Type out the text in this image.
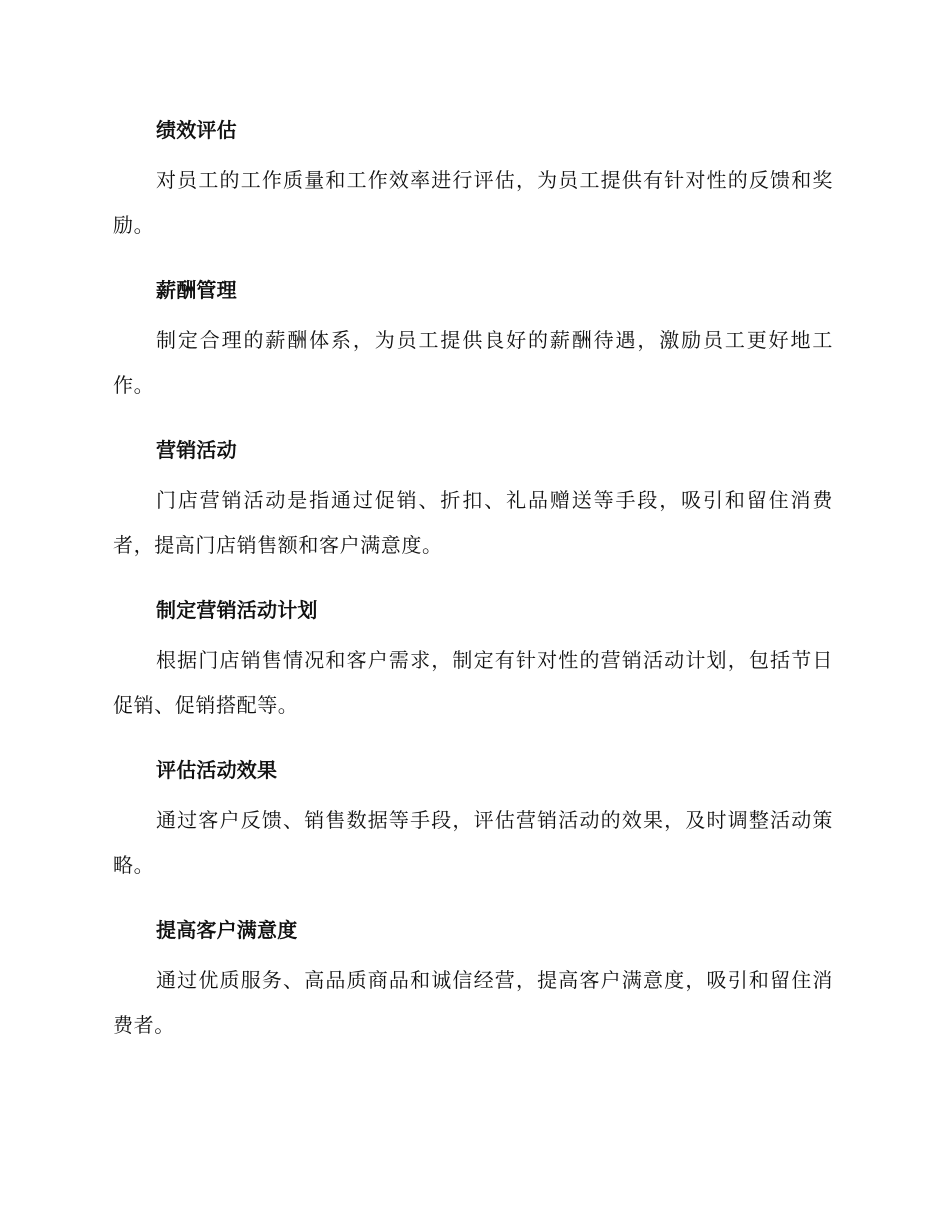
绩效评估

对员工的工作质量和工作效率进行评估，为员工提供有针对性的反馈和奖励。

薪酬管理

制定合理的薪酬体系，为员工提供良好的薪酬待遇，激励员工更好地工作。

营销活动

门店营销活动是指通过促销、折扣、礼品赠送等手段，吸引和留住消费者，提高门店销售额和客户满意度。

制定营销活动计划

根据门店销售情况和客户需求，制定有针对性的营销活动计划，包括节日促销、促销搭配等。

评估活动效果

通过客户反馈、销售数据等手段，评估营销活动的效果，及时调整活动策略。

提高客户满意度

通过优质服务、高品质商品和诚信经营，提高客户满意度，吸引和留住消费者。
